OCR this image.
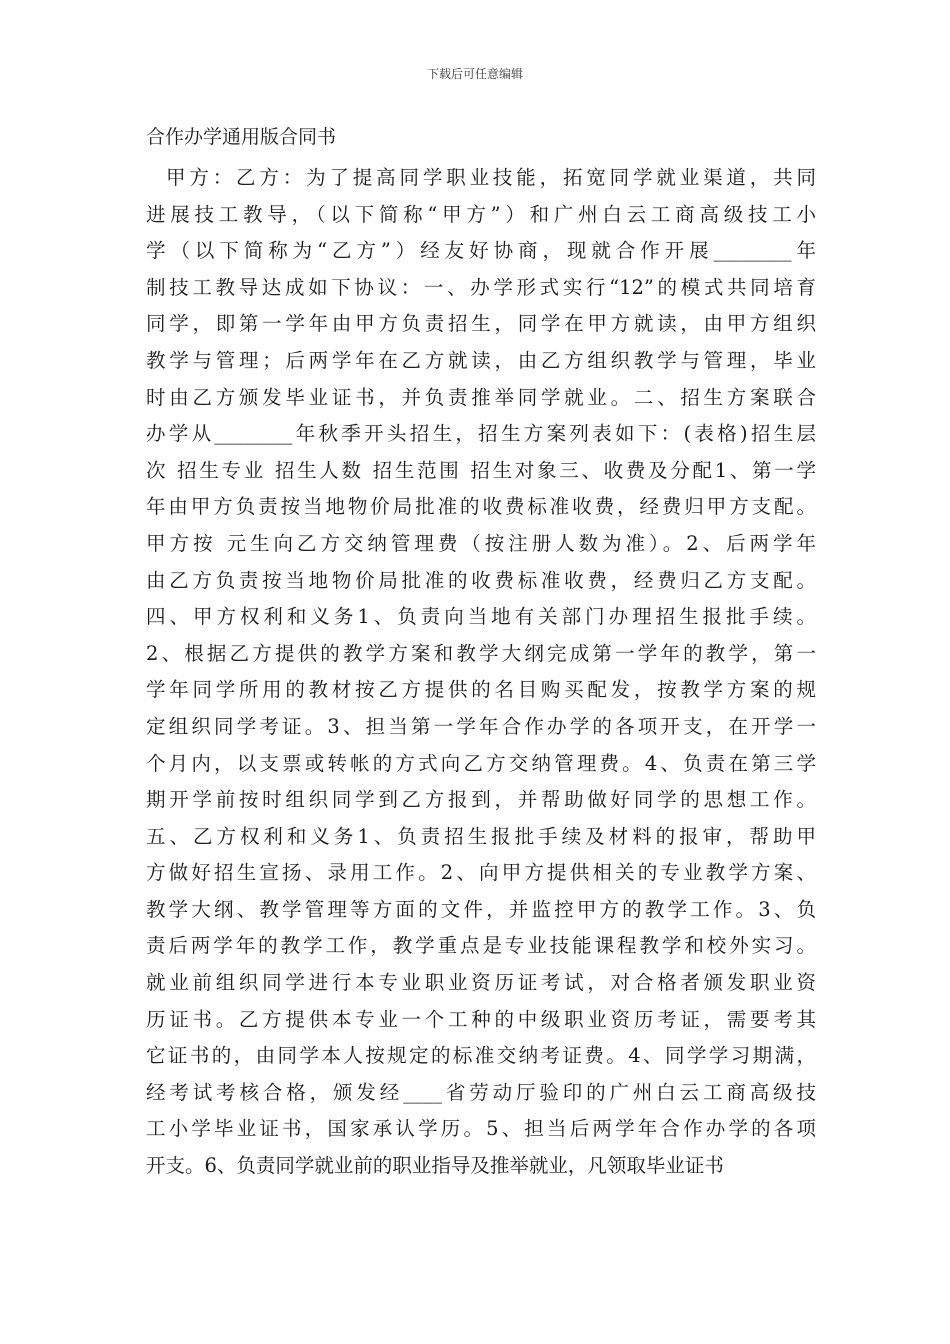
下载后可任意编辑
合作办学通用版合同书
甲方：乙方：为了提高同学职业技能，拓宽同学就业渠道，共同
进展技工教导，（以下简称“甲方”）和广州白云工商高级技工小
学（以下简称为“乙方”）经友好协商，现就合作开展________年
制技工教导达成如下协议：一、办学形式实行“12”的模式共同培育
同学，即第一学年由甲方负责招生，同学在甲方就读，由甲方组织
教学与管理；后两学年在乙方就读，由乙方组织教学与管理，毕业
时由乙方颁发毕业证书，并负责推举同学就业。二、招生方案联合
办学从________年秋季开头招生，招生方案列表如下：(表格)招生层
次 招生专业 招生人数 招生范围 招生对象三、收费及分配1、第一学
年由甲方负责按当地物价局批准的收费标准收费，经费归甲方支配。
甲方按 元生向乙方交纳管理费（按注册人数为准）。2、后两学年
由乙方负责按当地物价局批准的收费标准收费，经费归乙方支配。
四、甲方权利和义务1、负责向当地有关部门办理招生报批手续。
2、根据乙方提供的教学方案和教学大纲完成第一学年的教学，第一
学年同学所用的教材按乙方提供的名目购买配发，按教学方案的规
定组织同学考证。3、担当第一学年合作办学的各项开支，在开学一
个月内，以支票或转帐的方式向乙方交纳管理费。4、负责在第三学
期开学前按时组织同学到乙方报到，并帮助做好同学的思想工作。
五、乙方权利和义务1、负责招生报批手续及材料的报审，帮助甲
方做好招生宣扬、录用工作。2、向甲方提供相关的专业教学方案、
教学大纲、教学管理等方面的文件，并监控甲方的教学工作。3、负
责后两学年的教学工作，教学重点是专业技能课程教学和校外实习。
就业前组织同学进行本专业职业资历证考试，对合格者颁发职业资
历证书。乙方提供本专业一个工种的中级职业资历考证，需要考其
它证书的，由同学本人按规定的标准交纳考证费。4、同学学习期满，
经考试考核合格，颁发经____省劳动厅验印的广州白云工商高级技
工小学毕业证书，国家承认学历。5、担当后两学年合作办学的各项
开支。6、负责同学就业前的职业指导及推举就业，凡领取毕业证书
